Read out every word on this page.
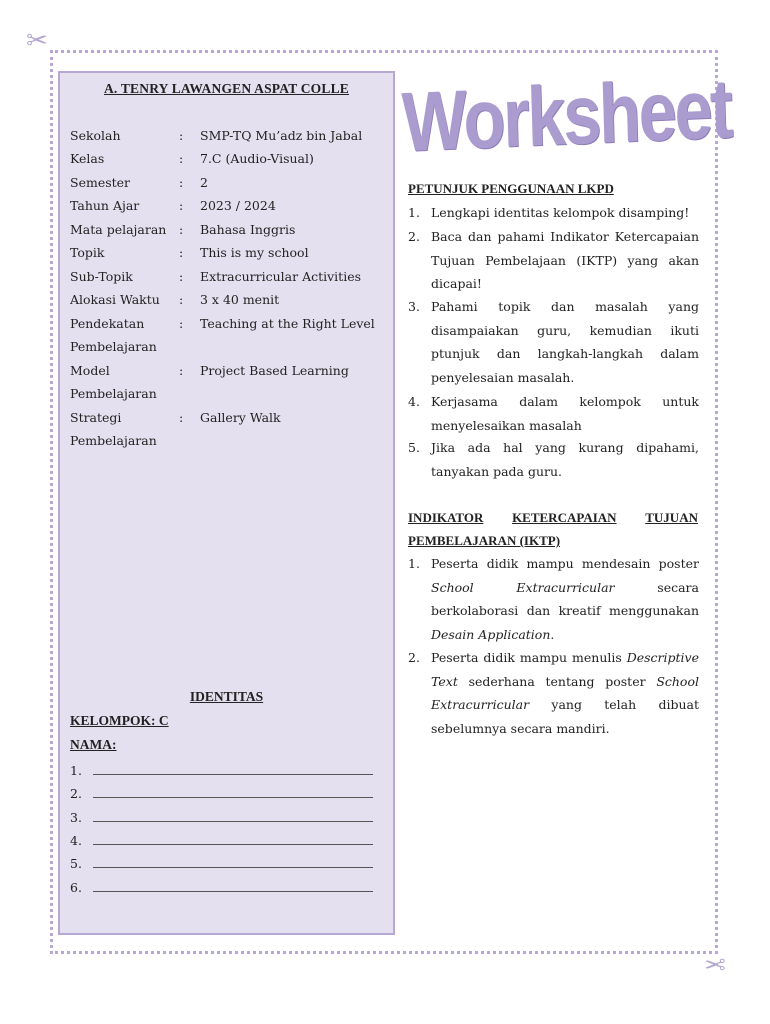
✂
✂
A. TENRY LAWANGEN ASPAT COLLE
Sekolah	: SMP-TQ Mu’adz bin Jabal
Kelas	: 7.C (Audio-Visual)
Semester	: 2
Tahun Ajar	: 2023 / 2024
Mata pelajaran : Bahasa Inggris
Topik	: This is my school
Sub-Topik	: Extracurricular Activities
Alokasi Waktu : 3 x 40 menit
Pendekatan
Pembelajaran
: Teaching at the Right Level
Model
Pembelajaran
: Project Based Learning
Strategi
Pembelajaran
: Gallery Walk
IDENTITAS
KELOMPOK: C
NAMA:
1.
2.
3.
4.
5.
6.
Worksheet
PETUNJUK PENGGUNAAN LKPD
1. Lengkapi identitas kelompok disamping!
2. Baca dan pahami Indikator Ketercapaian Tujuan Pembelajaan (IKTP) yang akan dicapai!
3. Pahami topik dan masalah yang disampaiakan guru, kemudian ikuti ptunjuk dan langkah-langkah dalam penyelesaian masalah.
4. Kerjasama dalam kelompok untuk menyelesaikan masalah
5. Jika ada hal yang kurang dipahami, tanyakan pada guru.
INDIKATOR KETERCAPAIAN TUJUAN
PEMBELAJARAN (IKTP)
1. Peserta didik mampu mendesain poster School Extracurricular	secara berkolaborasi dan kreatif menggunakan Desain Application.
2. Peserta didik mampu menulis Descriptive Text sederhana tentang poster School Extracurricular yang telah dibuat sebelumnya secara mandiri.
